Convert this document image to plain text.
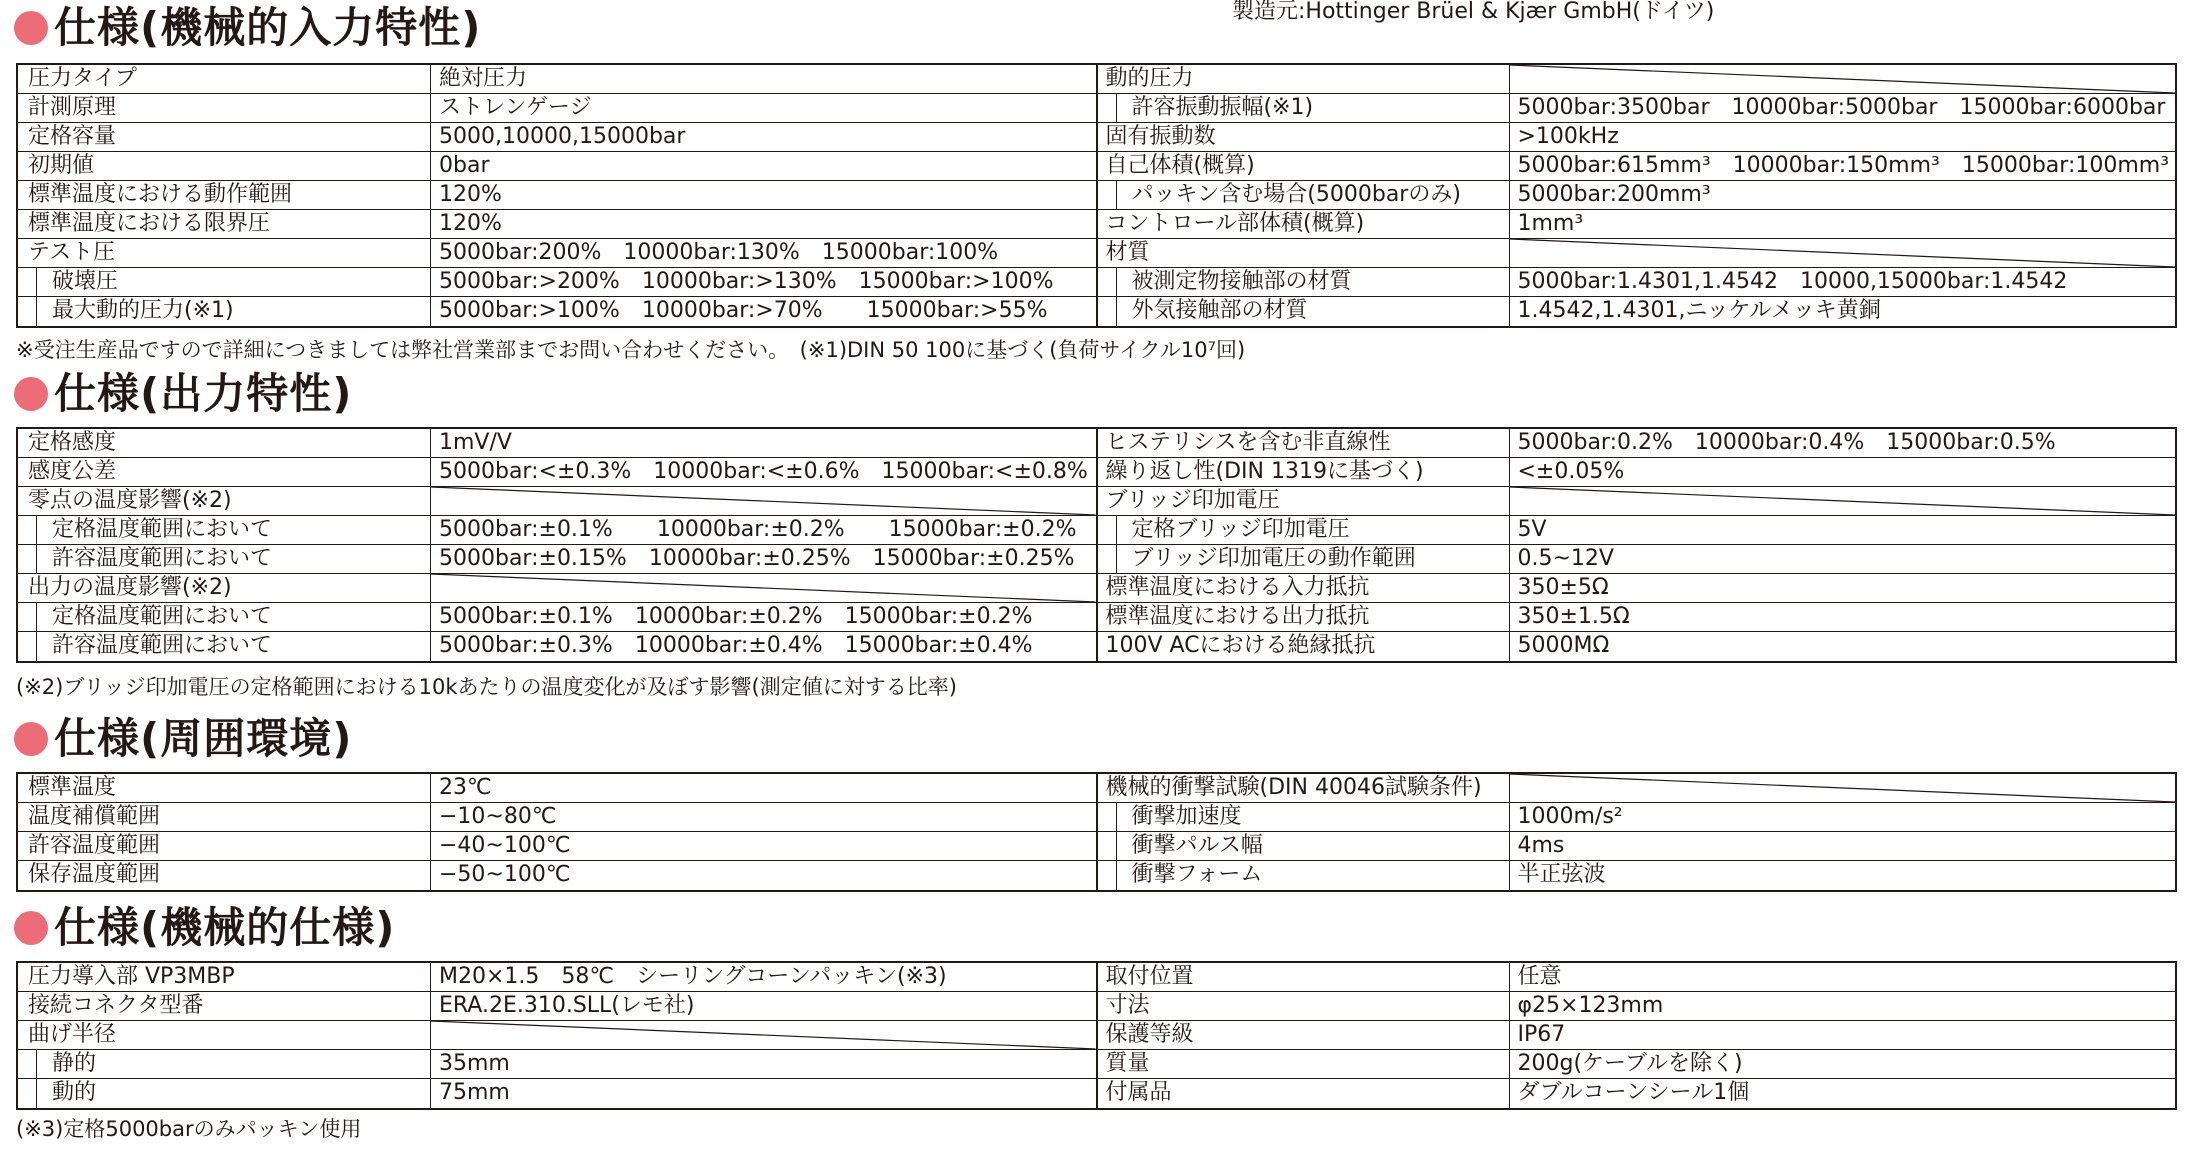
製造元:Hottinger Brüel & Kjær GmbH(ドイツ)
仕様(機械的入力特性)
圧力タイプ	絶対圧力
計測原理	ストレンゲージ
定格容量	5000,10000,15000bar
初期値	0bar
標準温度における動作範囲	120%
標準温度における限界圧	120%
テスト圧	5000bar:200%　10000bar:130%　15000bar:100%
破壊圧	5000bar:>200%　10000bar:>130%　15000bar:>100%
最大動的圧力(※1)	5000bar:>100%　10000bar:>70%　　15000bar:>55%
動的圧力
許容振動振幅(※1)	5000bar:3500bar　10000bar:5000bar　15000bar:6000bar
固有振動数	>100kHz
自己体積(概算)	5000bar:615mm³　10000bar:150mm³　15000bar:100mm³
パッキン含む場合(5000barのみ)	5000bar:200mm³
コントロール部体積(概算)	1mm³
材質
被測定物接触部の材質	5000bar:1.4301,1.4542　10000,15000bar:1.4542
外気接触部の材質	1.4542,1.4301,ニッケルメッキ黄銅
※受注生産品ですので詳細につきましては弊社営業部までお問い合わせください。　(※1)DIN 50 100に基づく(負荷サイクル10⁷回)
仕様(出力特性)
定格感度	1mV/V
感度公差	5000bar:<±0.3%　10000bar:<±0.6%　15000bar:<±0.8%
零点の温度影響(※2)
定格温度範囲において	5000bar:±0.1%　　10000bar:±0.2%　　15000bar:±0.2%
許容温度範囲において	5000bar:±0.15%　10000bar:±0.25%　15000bar:±0.25%
出力の温度影響(※2)
定格温度範囲において	5000bar:±0.1%　10000bar:±0.2%　15000bar:±0.2%
許容温度範囲において	5000bar:±0.3%　10000bar:±0.4%　15000bar:±0.4%
ヒステリシスを含む非直線性	5000bar:0.2%　10000bar:0.4%　15000bar:0.5%
繰り返し性(DIN 1319に基づく)	<±0.05%
ブリッジ印加電圧
定格ブリッジ印加電圧	5V
ブリッジ印加電圧の動作範囲	0.5~12V
標準温度における入力抵抗	350±5Ω
標準温度における出力抵抗	350±1.5Ω
100V ACにおける絶縁抵抗	5000MΩ
(※2)ブリッジ印加電圧の定格範囲における10kあたりの温度変化が及ぼす影響(測定値に対する比率)
仕様(周囲環境)
標準温度	23℃
温度補償範囲	−10~80℃
許容温度範囲	−40~100℃
保存温度範囲	−50~100℃
機械的衝撃試験(DIN 40046試験条件)
衝撃加速度	1000m/s²
衝撃パルス幅	4ms
衝撃フォーム	半正弦波
仕様(機械的仕様)
圧力導入部 VP3MBP	M20×1.5　58℃　シーリングコーンパッキン(※3)
接続コネクタ型番	ERA.2E.310.SLL(レモ社)
曲げ半径
静的	35mm
動的	75mm
取付位置	任意
寸法	φ25×123mm
保護等級	IP67
質量	200g(ケーブルを除く)
付属品	ダブルコーンシール1個
(※3)定格5000barのみパッキン使用
